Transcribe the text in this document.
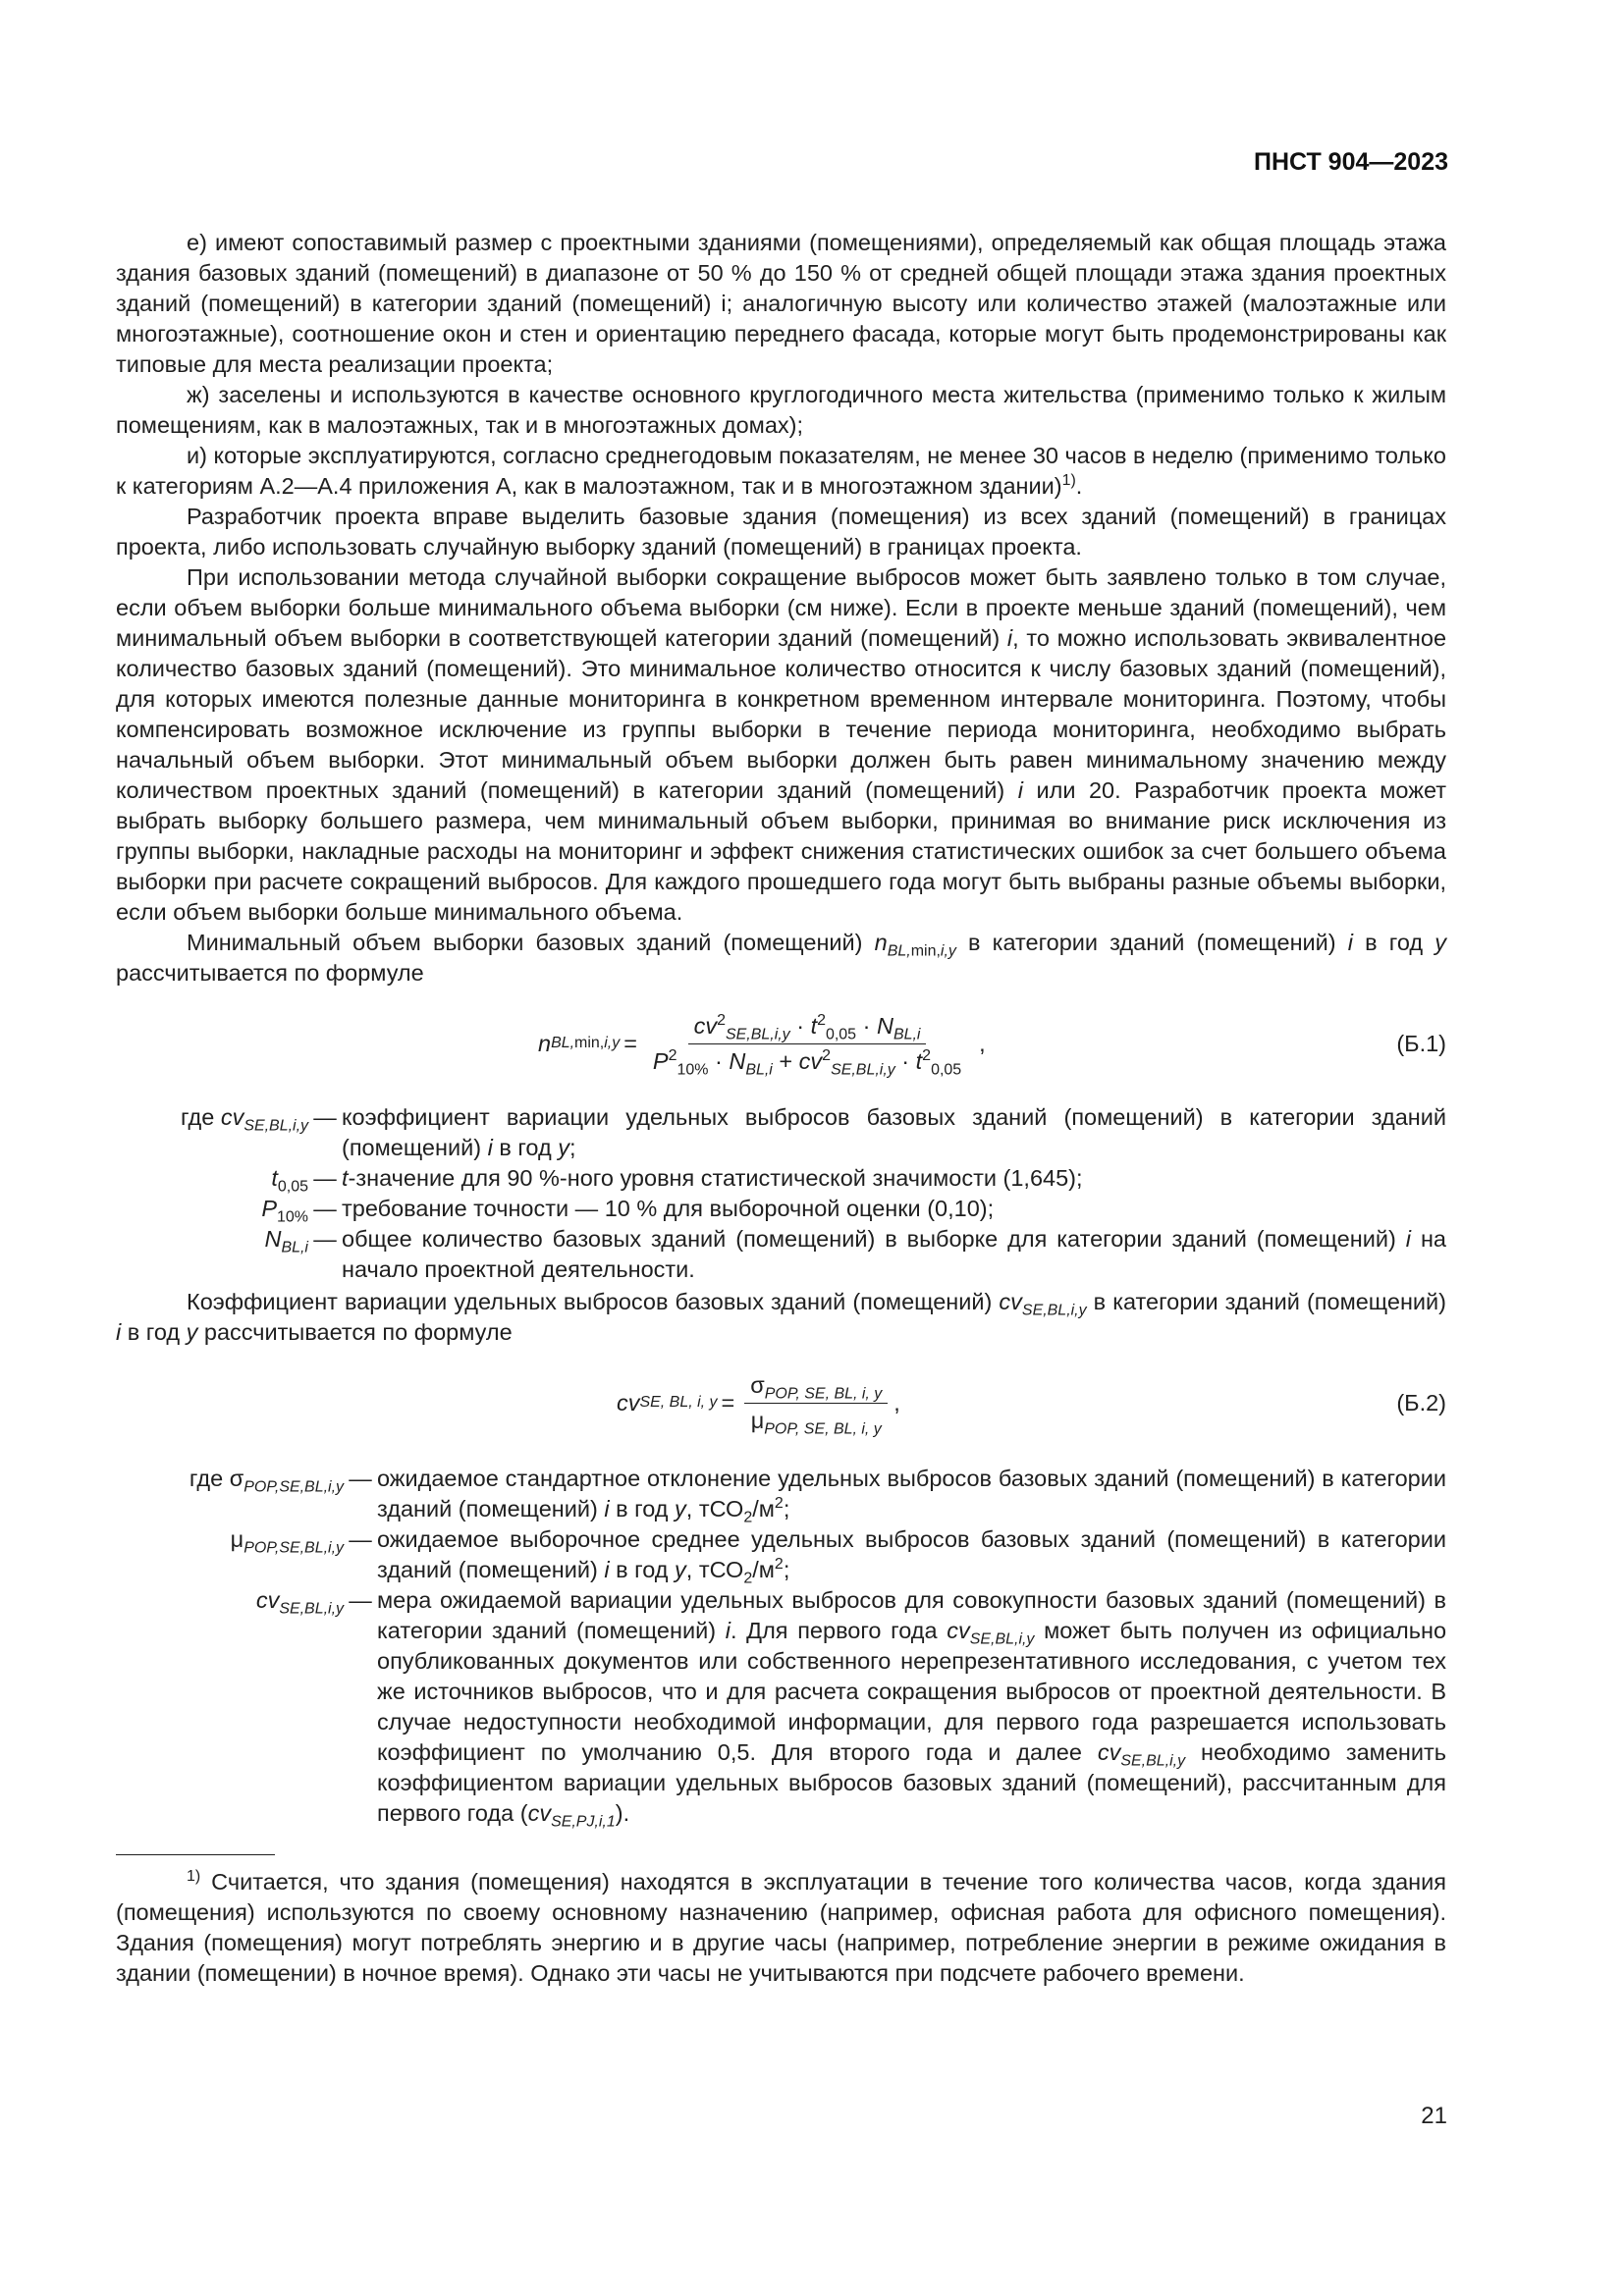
ПНСТ 904—2023

е) имеют сопоставимый размер с проектными зданиями (помещениями), определяемый как общая площадь этажа здания базовых зданий (помещений) в диапазоне от 50 % до 150 % от средней общей площади этажа здания проектных зданий (помещений) в категории зданий (помещений) i; аналогичную высоту или количество этажей (малоэтажные или многоэтажные), соотношение окон и стен и ориентацию переднего фасада, которые могут быть продемонстрированы как типовые для места реализации проекта;

ж) заселены и используются в качестве основного круглогодичного места жительства (применимо только к жилым помещениям, как в малоэтажных, так и в многоэтажных домах);

и) которые эксплуатируются, согласно среднегодовым показателям, не менее 30 часов в неделю (применимо только к категориям А.2—А.4 приложения А, как в малоэтажном, так и в многоэтажном здании)$^{1)}$.

Разработчик проекта вправе выделить базовые здания (помещения) из всех зданий (помещений) в границах проекта, либо использовать случайную выборку зданий (помещений) в границах проекта.

При использовании метода случайной выборки сокращение выбросов может быть заявлено только в том случае, если объем выборки больше минимального объема выборки (см ниже). Если в проекте меньше зданий (помещений), чем минимальный объем выборки в соответствующей категории зданий (помещений) i, то можно использовать эквивалентное количество базовых зданий (помещений). Это минимальное количество относится к числу базовых зданий (помещений), для которых имеются полезные данные мониторинга в конкретном временном интервале мониторинга. Поэтому, чтобы компенсировать возможное исключение из группы выборки в течение периода мониторинга, необходимо выбрать начальный объем выборки. Этот минимальный объем выборки должен быть равен минимальному значению между количеством проектных зданий (помещений) в категории зданий (помещений) i или 20. Разработчик проекта может выбрать выборку большего размера, чем минимальный объем выборки, принимая во внимание риск исключения из группы выборки, накладные расходы на мониторинг и эффект снижения статистических ошибок за счет большего объема выборки при расчете сокращений выбросов. Для каждого прошедшего года могут быть выбраны разные объемы выборки, если объем выборки больше минимального объема.

Минимальный объем выборки базовых зданий (помещений) $n_{BL,min,i,y}$ в категории зданий (помещений) i в год y рассчитывается по формуле

n $BL,\min,i,y = \frac{cv^2_{SE,BL,i,y} \cdot t^2_{0,05} \cdot N_{BL,i}}{P^2_{10\%} \cdot N_{BL,i} + cv^2_{SE,BL,i,y} \cdot t^2_{0,05}}$ ,	(Б.1)
где $cv_{SE,BL,i,y}$ — коэффициент вариации удельных выбросов базовых зданий (помещений) в категории зданий (помещений) i в год y;
$t_{0,05}$ — t-значение для 90 %-ного уровня статистической значимости (1,645);
$P_{10\%}$ — требование точности — 10 % для выборочной оценки (0,10);
$N_{BL,i}$ — общее количество базовых зданий (помещений) в выборке для категории зданий (помещений) i на начало проектной деятельности.

Коэффициент вариации удельных выбросов базовых зданий (помещений) $cv_{SE,BL,i,y}$ в категории зданий (помещений) i в год y рассчитывается по формуле

cv SE, BL, i, $y = \frac{\sigma_{POP, SE, BL, i, y}}{\mu_{POP, SE, BL, i, y}}$ ,	(Б.2)
где $\sigma_{POP,SE,BL,i,y}$ — ожидаемое стандартное отклонение удельных выбросов базовых зданий (помещений) в категории зданий (помещений) i в год y, $тСО_2/м^2$;
$\mu_{POP,SE,BL,i,y}$ — ожидаемое выборочное среднее удельных выбросов базовых зданий (помещений) в категории зданий (помещений) i в год y, $тСО_2/м^2$;
$cv_{SE,BL,i,y}$ — мера ожидаемой вариации удельных выбросов для совокупности базовых зданий (помещений) в категории зданий (помещений) i. Для первого года $cv_{SE,BL,i,y}$ может быть получен из официально опубликованных документов или собственного нерепрезентативного исследования, с учетом тех же источников выбросов, что и для расчета сокращения выбросов от проектной деятельности. В случае недоступности необходимой информации, для первого года разрешается использовать коэффициент по умолчанию 0,5. Для второго года и далее $cv_{SE,BL,i,y}$ необходимо заменить коэффициентом вариации удельных выбросов базовых зданий (помещений), рассчитанным для первого года $(cv_{SE,PJ,i,1})$.

$^{1)}$ Считается, что здания (помещения) находятся в эксплуатации в течение того количества часов, когда здания (помещения) используются по своему основному назначению (например, офисная работа для офисного помещения). Здания (помещения) могут потреблять энергию и в другие часы (например, потребление энергии в режиме ожидания в здании (помещении) в ночное время). Однако эти часы не учитываются при подсчете рабочего времени.

21
